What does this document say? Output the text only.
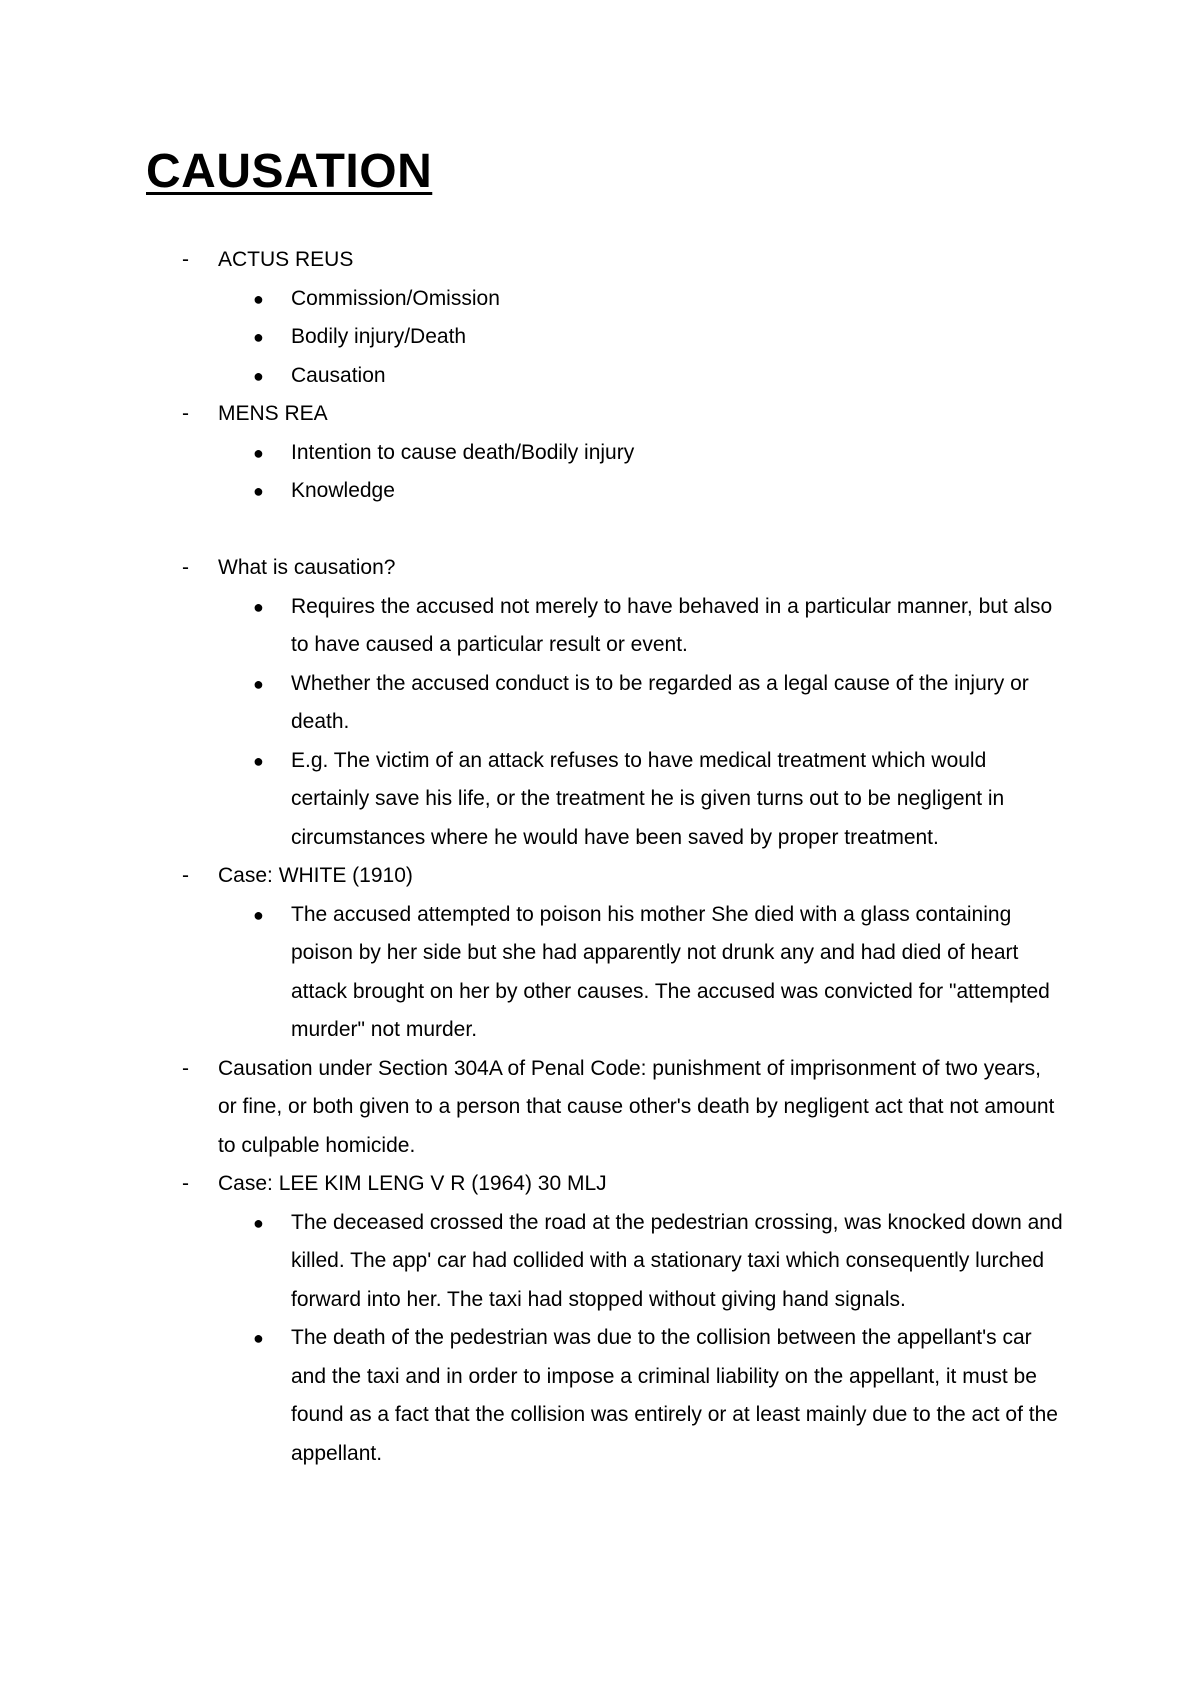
CAUSATION
- ACTUS REUS
● Commission/Omission
● Bodily injury/Death
● Causation
- MENS REA
● Intention to cause death/Bodily injury
● Knowledge
- What is causation?
● Requires the accused not merely to have behaved in a particular manner, but also to have caused a particular result or event.
● Whether the accused conduct is to be regarded as a legal cause of the injury or death.
● E.g. The victim of an attack refuses to have medical treatment which would certainly save his life, or the treatment he is given turns out to be negligent in circumstances where he would have been saved by proper treatment.
- Case: WHITE (1910)
● The accused attempted to poison his mother She died with a glass containing poison by her side but she had apparently not drunk any and had died of heart attack brought on her by other causes. The accused was convicted for "attempted murder" not murder.
- Causation under Section 304A of Penal Code: punishment of imprisonment of two years, or fine, or both given to a person that cause other's death by negligent act that not amount to culpable homicide.
- Case: LEE KIM LENG V R (1964) 30 MLJ
● The deceased crossed the road at the pedestrian crossing, was knocked down and killed. The app' car had collided with a stationary taxi which consequently lurched forward into her. The taxi had stopped without giving hand signals.
● The death of the pedestrian was due to the collision between the appellant's car and the taxi and in order to impose a criminal liability on the appellant, it must be found as a fact that the collision was entirely or at least mainly due to the act of the appellant.
